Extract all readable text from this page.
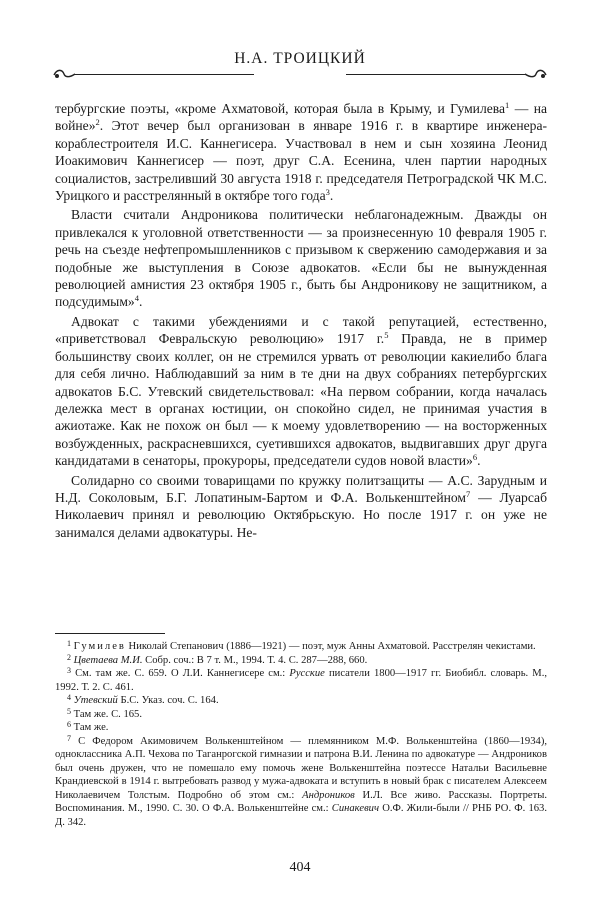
Н.А. ТРОИЦКИЙ

тербургские поэты, «кроме Ахматовой, которая была в Крыму, и Гумилева$^1$ — на войне»$^2$. Этот вечер был организован в январе 1916 г. в квартире инженера-кораблестроителя И.С. Каннегисера. Участвовал в нем и сын хозяина Леонид Иоакимович Каннегисер — поэт, друг С.А. Есенина, член партии народных социалистов, застреливший 30 августа 1918 г. председателя Петроградской ЧК М.С. Урицкого и расстрелянный в октябре того года$^3$.

Власти считали Андроникова политически неблагонадежным. Дважды он привлекался к уголовной ответственности — за произнесенную 10 февраля 1905 г. речь на съезде нефтепромышленников с призывом к свержению самодержавия и за подобные же выступления в Союзе адвокатов. «Если бы не вынужденная революцией амнистия 23 октября 1905 г., быть бы Андроникову не защитником, а подсудимым»$^4$.

Адвокат с такими убеждениями и с такой репутацией, естественно, «приветствовал Февральскую революцию» 1917 г.$^5$ Правда, не в пример большинству своих коллег, он не стремился урвать от революции какиелибо блага для себя лично. Наблюдавший за ним в те дни на двух собраниях петербургских адвокатов Б.С. Утевский свидетельствовал: «На первом собрании, когда началась дележка мест в органах юстиции, он спокойно сидел, не принимая участия в ажиотаже. Как не похож он был — к моему удовлетворению — на восторженных возбужденных, раскрасневшихся, суетившихся адвокатов, выдвигавших друг друга кандидатами в сенаторы, прокуроры, председатели судов новой власти»$^6$.

Солидарно со своими товарищами по кружку политзащиты — А.С. Зарудным и Н.Д. Соколовым, Б.Г. Лопатиным-Бартом и Ф.А. Волькенштейном$^7$ — Луарсаб Николаевич принял и революцию Октябрьскую. Но после 1917 г. он уже не занимался делами адвокатуры. Не-

$^1$ Гумилев Николай Степанович (1886—1921) — поэт, муж Анны Ахматовой. Расстрелян чекистами.

$^2$ Цветаева М.И. Собр. соч.: В 7 т. М., 1994. Т. 4. С. 287—288, 660.

$^3$ См. там же. С. 659. О Л.И. Каннегисере см.: Русские писатели 1800—1917 гг. Биобибл. словарь. М., 1992. Т. 2. С. 461.

$^4$ Утевский Б.С. Указ. соч. С. 164.

$^5$ Там же. С. 165.

$^6$ Там же.

$^7$ С Федором Акимовичем Волькенштейном — племянником М.Ф. Волькенштейна (1860—1934), одноклассника А.П. Чехова по Таганрогской гимназии и патрона В.И. Ленина по адвокатуре — Андроников был очень дружен, что не помешало ему помочь жене Волькенштейна поэтессе Натальи Васильевне Крандиевской в 1914 г. вытребовать развод у мужа-адвоката и вступить в новый брак с писателем Алексеем Николаевичем Толстым. Подробно об этом см.: Андроников И.Л. Все живо. Рассказы. Портреты. Воспоминания. М., 1990. С. 30. О Ф.А. Волькенштейне см.: Синакевич О.Ф. Жили-были // РНБ РО. Ф. 163. Д. 342.

404
